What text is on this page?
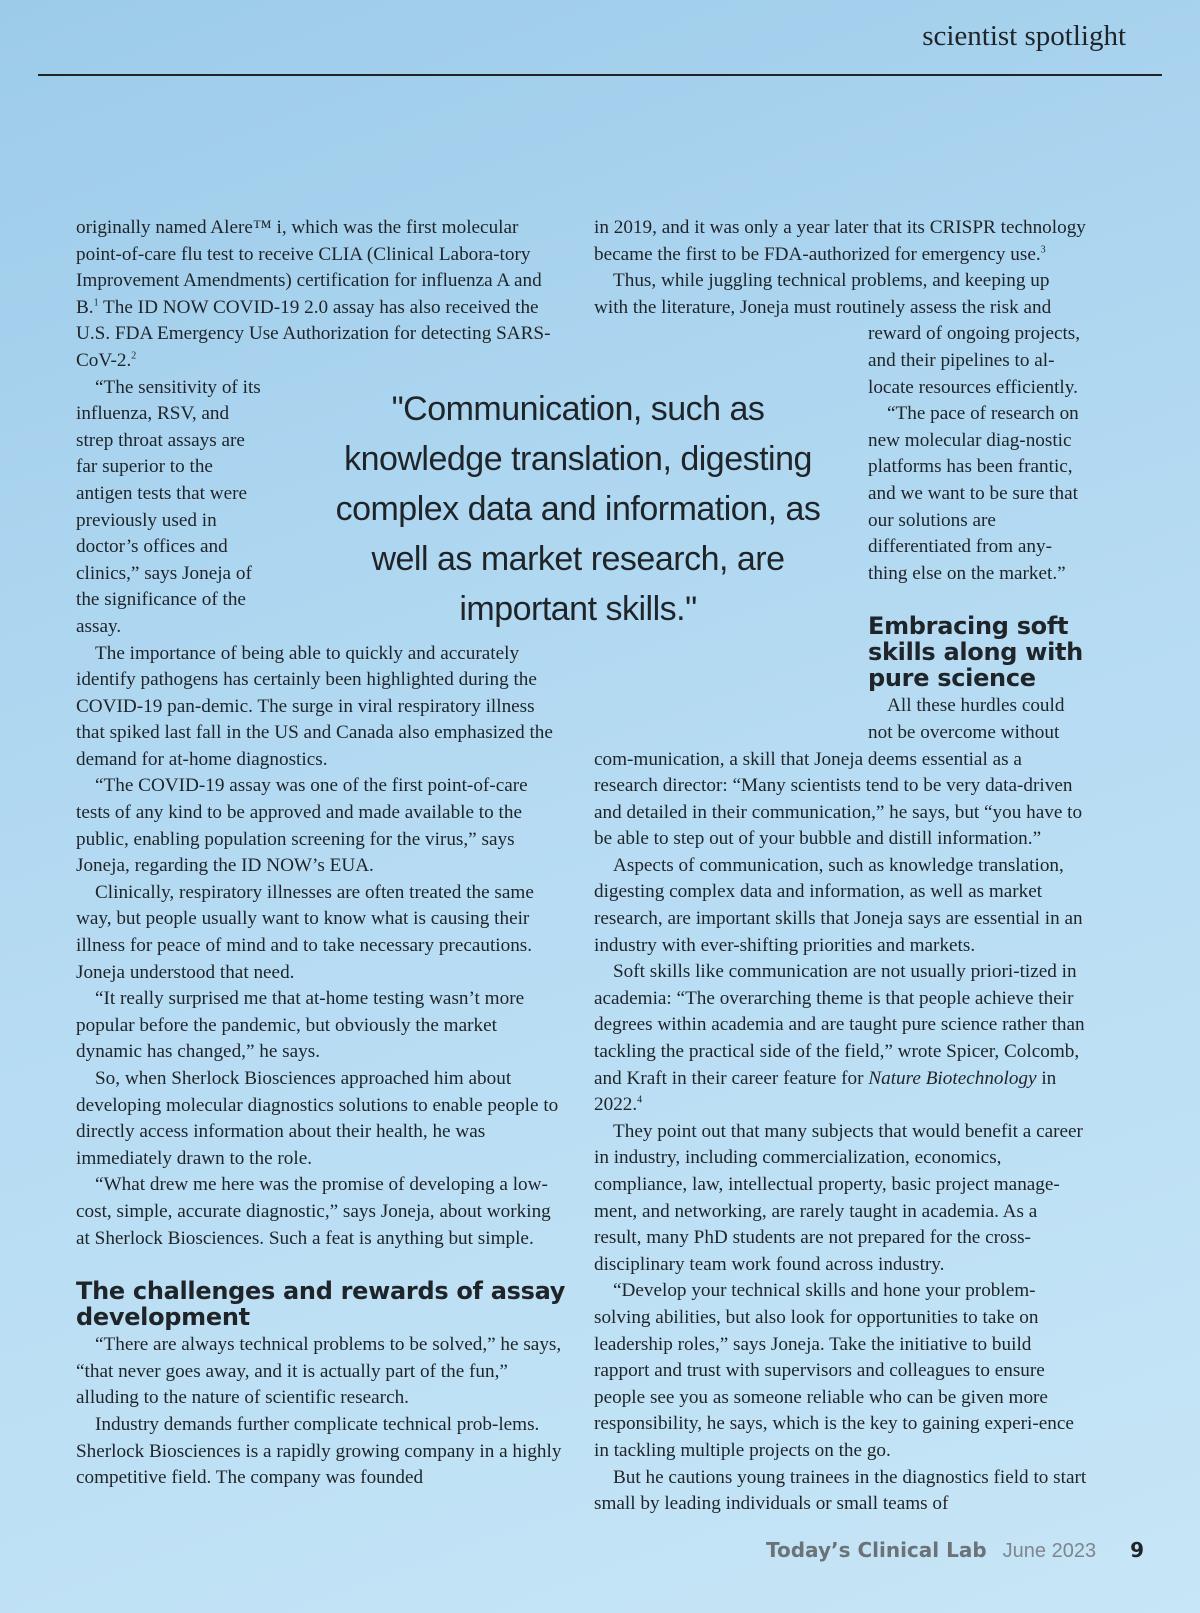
scientist spotlight

originally named Alere™ i, which was the first molecular point-of-care flu test to receive CLIA (Clinical Labora-tory Improvement Amendments) certification for influenza A and B.$^1$ The ID NOW COVID-19 2.0 assay has also received the U.S. FDA Emergency Use Authorization for detecting SARS-CoV-2.$^2$

“The sensitivity of its influenza, RSV, and strep throat assays are far superior to the antigen tests that were previously used in doctor’s offices and clinics,” says Joneja of the significance of the assay.

The importance of being able to quickly and accurately identify pathogens has certainly been highlighted during the COVID-19 pan-demic. The surge in viral respiratory illness that spiked last fall in the US and Canada also emphasized the demand for at-home diagnostics.

“The COVID-19 assay was one of the first point-of-care tests of any kind to be approved and made available to the public, enabling population screening for the virus,” says Joneja, regarding the ID NOW’s EUA.

Clinically, respiratory illnesses are often treated the same way, but people usually want to know what is causing their illness for peace of mind and to take necessary precautions. Joneja understood that need.

“It really surprised me that at-home testing wasn’t more popular before the pandemic, but obviously the market dynamic has changed,” he says.

So, when Sherlock Biosciences approached him about developing molecular diagnostics solutions to enable people to directly access information about their health, he was immediately drawn to the role.

“What drew me here was the promise of developing a low-cost, simple, accurate diagnostic,” says Joneja, about working at Sherlock Biosciences. Such a feat is anything but simple.

The challenges and rewards of assay development

“There are always technical problems to be solved,” he says, “that never goes away, and it is actually part of the fun,” alluding to the nature of scientific research.

Industry demands further complicate technical prob-lems. Sherlock Biosciences is a rapidly growing company in a highly competitive field. The company was founded

in 2019, and it was only a year later that its CRISPR technology became the first to be FDA-authorized for emergency use.$^3$

Thus, while juggling technical problems, and keeping up with the literature, Joneja must routinely assess the risk and

reward of ongoing projects, and their pipelines to al-locate resources efficiently.

“The pace of research on new molecular diag-nostic platforms has been frantic, and we want to be sure that our solutions are differentiated from any-thing else on the market.”

Embracing soft skills along with pure science

All these hurdles could not be overcome without com-munication, a skill that Joneja deems essential as a research director: “Many scientists tend to be very data-driven and detailed in their communication,” he says, but “you have to be able to step out of your bubble and distill information.”

Aspects of communication, such as knowledge translation, digesting complex data and information, as well as market research, are important skills that Joneja says are essential in an industry with ever-shifting priorities and markets.

Soft skills like communication are not usually priori-tized in academia: “The overarching theme is that people achieve their degrees within academia and are taught pure science rather than tackling the practical side of the field,” wrote Spicer, Colcomb, and Kraft in their career feature for Nature Biotechnology in 2022.$^4$

They point out that many subjects that would benefit a career in industry, including commercialization, economics, compliance, law, intellectual property, basic project manage-ment, and networking, are rarely taught in academia. As a result, many PhD students are not prepared for the cross-disciplinary team work found across industry.

“Develop your technical skills and hone your problem-solving abilities, but also look for opportunities to take on leadership roles,” says Joneja. Take the initiative to build rapport and trust with supervisors and colleagues to ensure people see you as someone reliable who can be given more responsibility, he says, which is the key to gaining experi-ence in tackling multiple projects on the go.

But he cautions young trainees in the diagnostics field to start small by leading individuals or small teams of

"Communication, such as knowledge translation, digesting complex data and information, as well as market research, are important skills."
Today’s Clinical Lab June 2023 9
